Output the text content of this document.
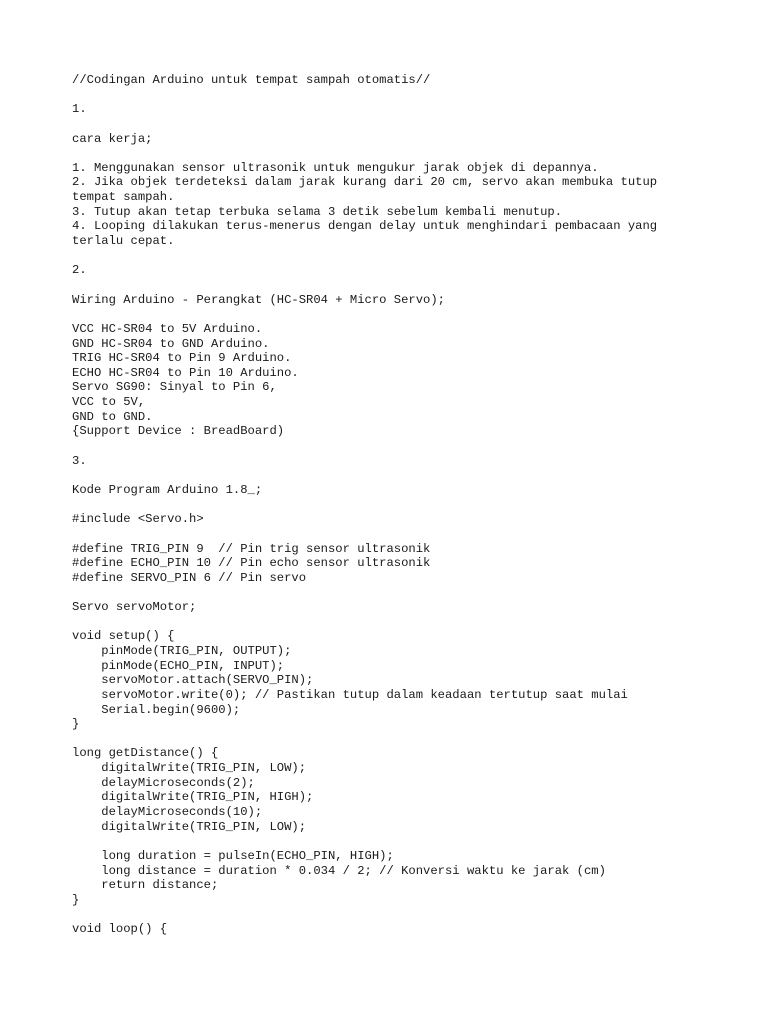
//Codingan Arduino untuk tempat sampah otomatis//
1.
cara kerja;
1. Menggunakan sensor ultrasonik untuk mengukur jarak objek di depannya.
2. Jika objek terdeteksi dalam jarak kurang dari 20 cm, servo akan membuka tutup
tempat sampah.
3. Tutup akan tetap terbuka selama 3 detik sebelum kembali menutup.
4. Looping dilakukan terus-menerus dengan delay untuk menghindari pembacaan yang
terlalu cepat.
2.
Wiring Arduino - Perangkat (HC-SR04 + Micro Servo);
VCC HC-SR04 to 5V Arduino.
GND HC-SR04 to GND Arduino.
TRIG HC-SR04 to Pin 9 Arduino.
ECHO HC-SR04 to Pin 10 Arduino.
Servo SG90: Sinyal to Pin 6,
VCC to 5V,
GND to GND.
{Support Device : BreadBoard)
3.
Kode Program Arduino 1.8_;
#include <Servo.h>
#define TRIG_PIN 9  // Pin trig sensor ultrasonik
#define ECHO_PIN 10 // Pin echo sensor ultrasonik
#define SERVO_PIN 6 // Pin servo
Servo servoMotor;
void setup() {
pinMode(TRIG_PIN, OUTPUT);
pinMode(ECHO_PIN, INPUT);
servoMotor.attach(SERVO_PIN);
servoMotor.write(0); // Pastikan tutup dalam keadaan tertutup saat mulai
Serial.begin(9600);
}
long getDistance() {
digitalWrite(TRIG_PIN, LOW);
delayMicroseconds(2);
digitalWrite(TRIG_PIN, HIGH);
delayMicroseconds(10);
digitalWrite(TRIG_PIN, LOW);
long duration = pulseIn(ECHO_PIN, HIGH);
long distance = duration * 0.034 / 2; // Konversi waktu ke jarak (cm)
return distance;
}
void loop() {
